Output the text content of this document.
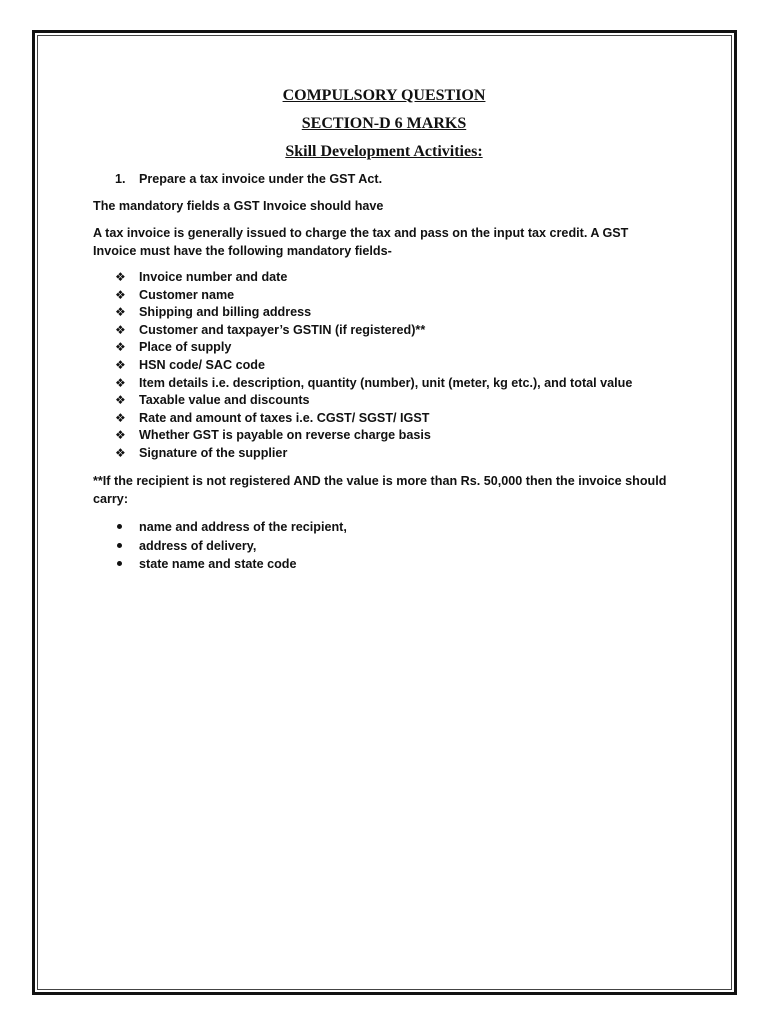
COMPULSORY QUESTION
SECTION-D 6 MARKS
Skill Development Activities:
1. Prepare a tax invoice under the GST Act.
The mandatory fields a GST Invoice should have
A tax invoice is generally issued to charge the tax and pass on the input tax credit. A GST Invoice must have the following mandatory fields-
❖ Invoice number and date
❖ Customer name
❖ Shipping and billing address
❖ Customer and taxpayer’s GSTIN (if registered)**
❖ Place of supply
❖ HSN code/ SAC code
❖ Item details i.e. description, quantity (number), unit (meter, kg etc.), and total value
❖ Taxable value and discounts
❖ Rate and amount of taxes i.e. CGST/ SGST/ IGST
❖ Whether GST is payable on reverse charge basis
❖ Signature of the supplier
**If the recipient is not registered AND the value is more than Rs. 50,000 then the invoice should carry:
name and address of the recipient,
address of delivery,
state name and state code
